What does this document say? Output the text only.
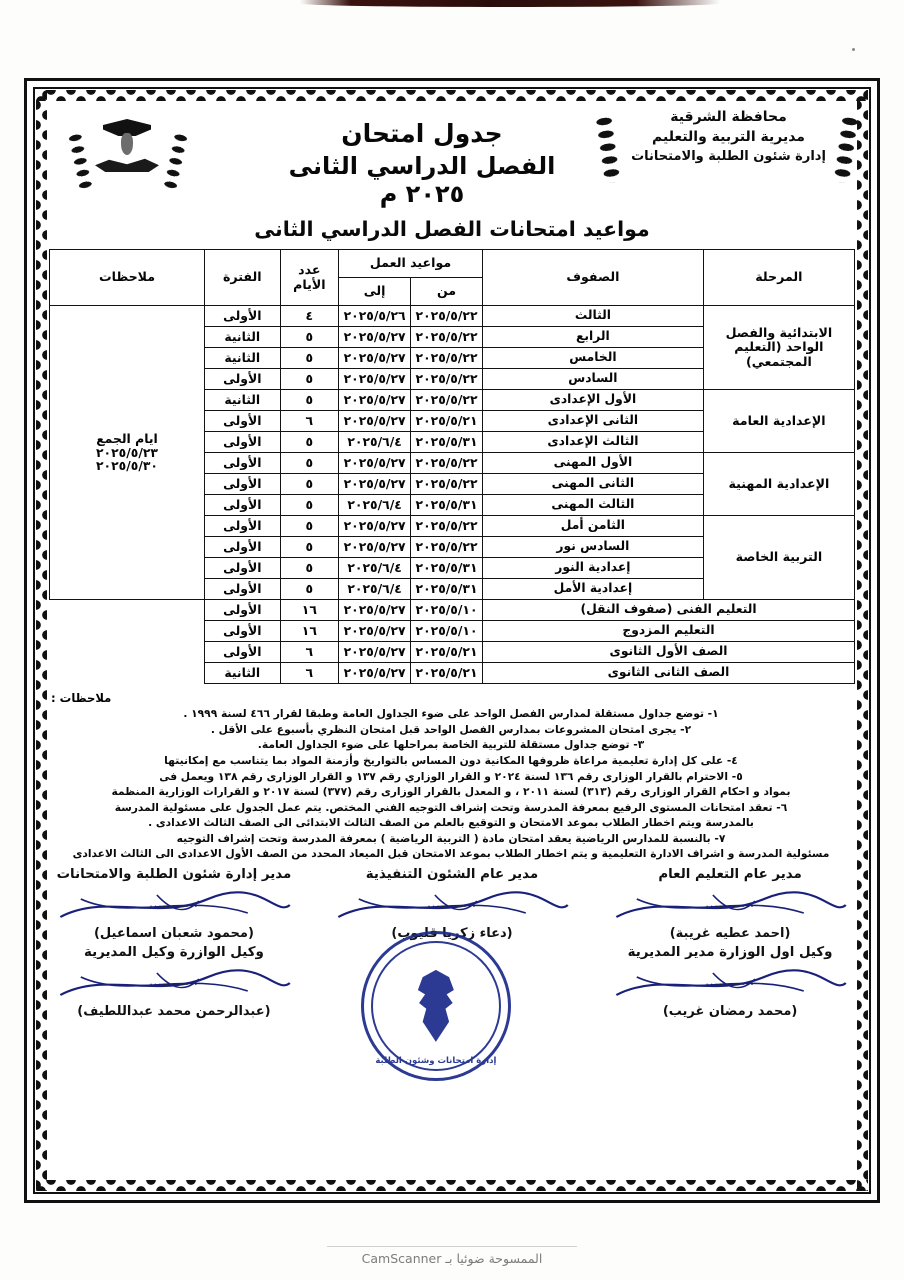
جدول امتحان
الفصل الدراسي الثانى ٢٠٢٥ م
محافظة الشرقية
مديرية التربية والتعليم
إدارة شئون الطلبة والامتحانات
مواعيد امتحانات الفصل الدراسي الثانى
المرحلة	الصفوف	مواعيد العمل		عدد الأيام	الفترة	ملاحظات
		من	إلى			
الابتدائية والفصل الواحد (التعليم المجتمعي)	الثالث	٢٠٢٥/٥/٢٢	٢٠٢٥/٥/٢٦	٤	الأولى	ايام الجمع
٢٠٢٥/٥/٢٣
٢٠٢٥/٥/٣٠

	الرابع	٢٠٢٥/٥/٢٢	٢٠٢٥/٥/٢٧	٥	الثانية	
	الخامس	٢٠٢٥/٥/٢٢	٢٠٢٥/٥/٢٧	٥	الثانية	
	السادس	٢٠٢٥/٥/٢٢	٢٠٢٥/٥/٢٧	٥	الأولى	
الإعدادية العامة	الأول الإعدادى	٢٠٢٥/٥/٢٢	٢٠٢٥/٥/٢٧	٥	الثانية	
	الثانى الإعدادى	٢٠٢٥/٥/٢١	٢٠٢٥/٥/٢٧	٦	الأولى	
	الثالث الإعدادى	٢٠٢٥/٥/٣١	٢٠٢٥/٦/٤	٥	الأولى	
الإعدادية المهنية	الأول المهنى	٢٠٢٥/٥/٢٢	٢٠٢٥/٥/٢٧	٥	الأولى	
	الثانى المهنى	٢٠٢٥/٥/٢٢	٢٠٢٥/٥/٢٧	٥	الأولى	
	الثالث المهنى	٢٠٢٥/٥/٣١	٢٠٢٥/٦/٤	٥	الأولى	
التربية الخاصة	الثامن أمل	٢٠٢٥/٥/٢٢	٢٠٢٥/٥/٢٧	٥	الأولى	
	السادس نور	٢٠٢٥/٥/٢٢	٢٠٢٥/٥/٢٧	٥	الأولى	
	إعدادية النور	٢٠٢٥/٥/٣١	٢٠٢٥/٦/٤	٥	الأولى	
	إعدادية الأمل	٢٠٢٥/٥/٣١	٢٠٢٥/٦/٤	٥	الأولى	
التعليم الفنى (صفوف النقل)		٢٠٢٥/٥/١٠	٢٠٢٥/٥/٢٧	١٦	الأولى	
التعليم المزدوج		٢٠٢٥/٥/١٠	٢٠٢٥/٥/٢٧	١٦	الأولى	
الصف الأول الثانوى		٢٠٢٥/٥/٢١	٢٠٢٥/٥/٢٧	٦	الأولى	
الصف الثانى الثانوى		٢٠٢٥/٥/٢١	٢٠٢٥/٥/٢٧	٦	الثانية	
ملاحظات :
١- توضع جداول مستقلة لمدارس الفصل الواحد على ضوء الجداول العامة وطبقا لقرار ٤٦٦ لسنة ١٩٩٩ .
٢- يجرى امتحان المشروعات بمدارس الفصل الواحد قبل امتحان النظري بأسبوع على الأقل .
٣- توضع جداول مستقلة للتربية الخاصة بمراحلها على ضوء الجداول العامة.
٤- على كل إدارة تعليمية مراعاة ظروفها المكانية دون المساس بالتواريخ وأزمنة المواد بما يتناسب مع إمكانيتها
٥- الاحترام بالقرار الوزارى رقم ١٣٦ لسنة ٢٠٢٤ و القرار الوزاري رقم ١٣٧ و القرار الوزارى رقم ١٣٨ ويعمل فى
بمواد و احكام القرار الوزارى رقم (٣١٣) لسنة ٢٠١١ ، و المعدل بالقرار الوزارى رقم (٣٧٧) لسنة ٢٠١٧ و القرارات الوزارية المنظمة
٦- تعقد امتحانات المستوى الرفيع بمعرفة المدرسة وتحت إشراف التوجيه الفني المختص. يتم عمل الجدول على مسئولية المدرسة
بالمدرسة ويتم اخطار الطلاب بموعد الامتحان و التوقيع بالعلم من الصف الثالث الابتدائى الى الصف الثالث الاعدادى .
٧- بالنسبة للمدارس الرياضية يعقد امتحان مادة ( التربية الرياضية ) بمعرفة المدرسة وتحت إشراف التوجيه
مسئولية المدرسة و اشراف الادارة التعليمية و يتم اخطار الطلاب بموعد الامتحان قبل الميعاد المحدد من الصف الأول الاعدادى الى الثالث الاعدادى
مدير عام التعليم العام
...........
(احمد عطيه غريبة)
مدير عام الشئون التنفيذية
...........
(دعاء زكريا قليوب)
مدير إدارة شئون الطلبة والامتحانات
...........
(محمود شعبان اسماعيل)
وكيل اول الوزارة مدير المديرية
...........
(محمد رمضان غريب)
إدارة امتحانات وشئون الطلبة
وكيل الوازرة وكيل المديرية
...........
(عبدالرحمن محمد عبداللطيف)
الممسوحة ضوئيا بـ CamScanner
